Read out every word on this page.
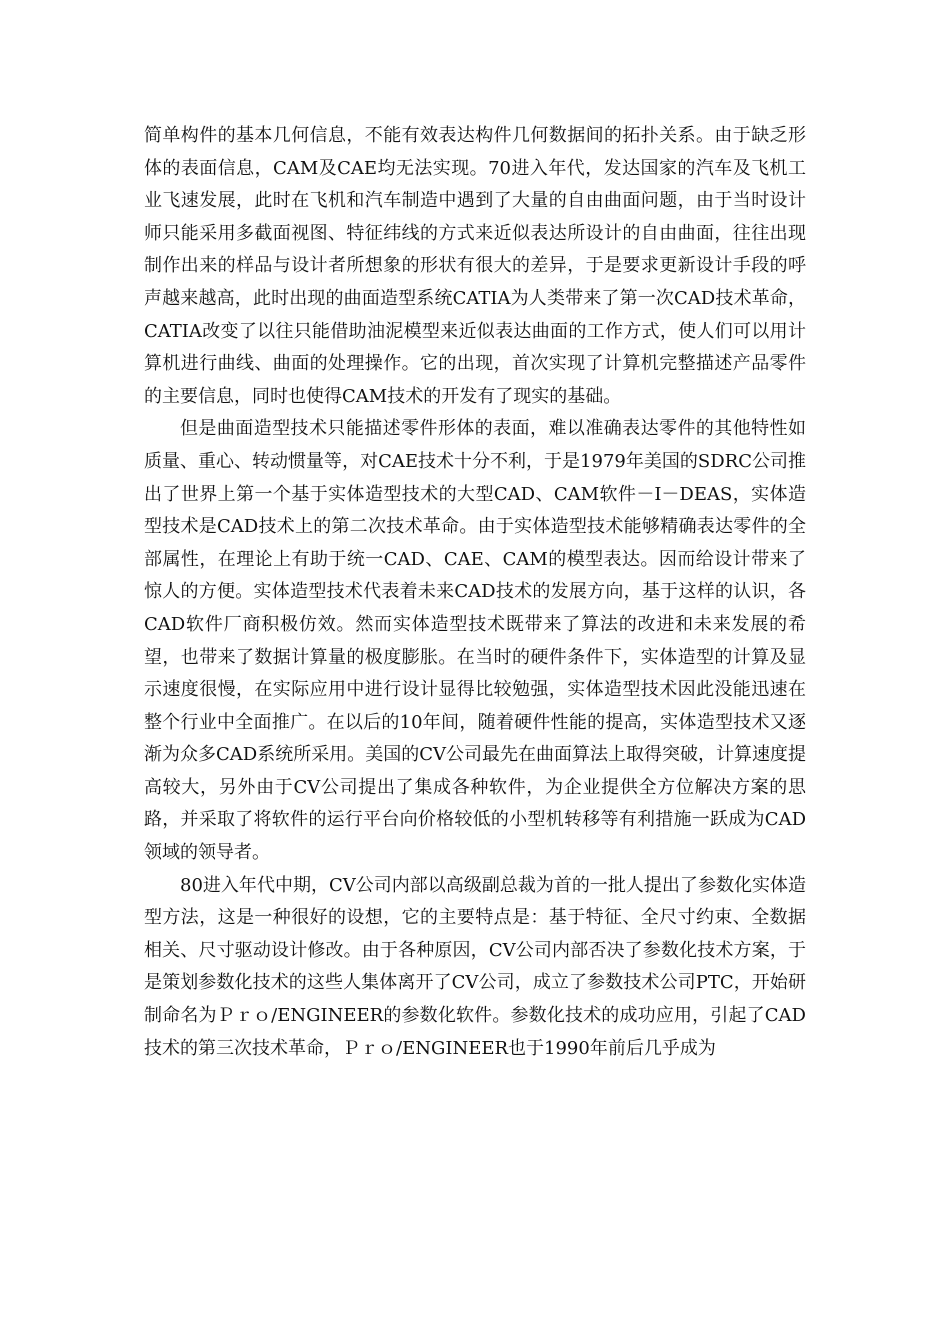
简单构件的基本几何信息，不能有效表达构件几何数据间的拓扑关系。由于缺乏形体的表面信息，CAM及CAE均无法实现。70进入年代，发达国家的汽车及飞机工业飞速发展，此时在飞机和汽车制造中遇到了大量的自由曲面问题，由于当时设计师只能采用多截面视图、特征纬线的方式来近似表达所设计的自由曲面，往往出现制作出来的样品与设计者所想象的形状有很大的差异，于是要求更新设计手段的呼声越来越高，此时出现的曲面造型系统CATIA为人类带来了第一次CAD技术革命，CATIA改变了以往只能借助油泥模型来近似表达曲面的工作方式，使人们可以用计算机进行曲线、曲面的处理操作。它的出现，首次实现了计算机完整描述产品零件的主要信息，同时也使得CAM技术的开发有了现实的基础。

但是曲面造型技术只能描述零件形体的表面，难以准确表达零件的其他特性如质量、重心、转动惯量等，对CAE技术十分不利，于是1979年美国的SDRC公司推出了世界上第一个基于实体造型技术的大型CAD、CAM软件－I－DEAS，实体造型技术是CAD技术上的第二次技术革命。由于实体造型技术能够精确表达零件的全部属性，在理论上有助于统一CAD、CAE、CAM的模型表达。因而给设计带来了惊人的方便。实体造型技术代表着未来CAD技术的发展方向，基于这样的认识，各CAD软件厂商积极仿效。然而实体造型技术既带来了算法的改进和未来发展的希望，也带来了数据计算量的极度膨胀。在当时的硬件条件下，实体造型的计算及显示速度很慢，在实际应用中进行设计显得比较勉强，实体造型技术因此没能迅速在整个行业中全面推广。在以后的10年间，随着硬件性能的提高，实体造型技术又逐渐为众多CAD系统所采用。美国的CV公司最先在曲面算法上取得突破，计算速度提高较大，另外由于CV公司提出了集成各种软件，为企业提供全方位解决方案的思路，并采取了将软件的运行平台向价格较低的小型机转移等有利措施一跃成为CAD领域的领导者。

80进入年代中期，CV公司内部以高级副总裁为首的一批人提出了参数化实体造型方法，这是一种很好的设想，它的主要特点是：基于特征、全尺寸约束、全数据相关、尺寸驱动设计修改。由于各种原因，CV公司内部否决了参数化技术方案，于是策划参数化技术的这些人集体离开了CV公司，成立了参数技术公司PTC，开始研制命名为Ｐｒｏ/ENGINEER的参数化软件。参数化技术的成功应用，引起了CAD技术的第三次技术革命，Ｐｒｏ/ENGINEER也于1990年前后几乎成为
